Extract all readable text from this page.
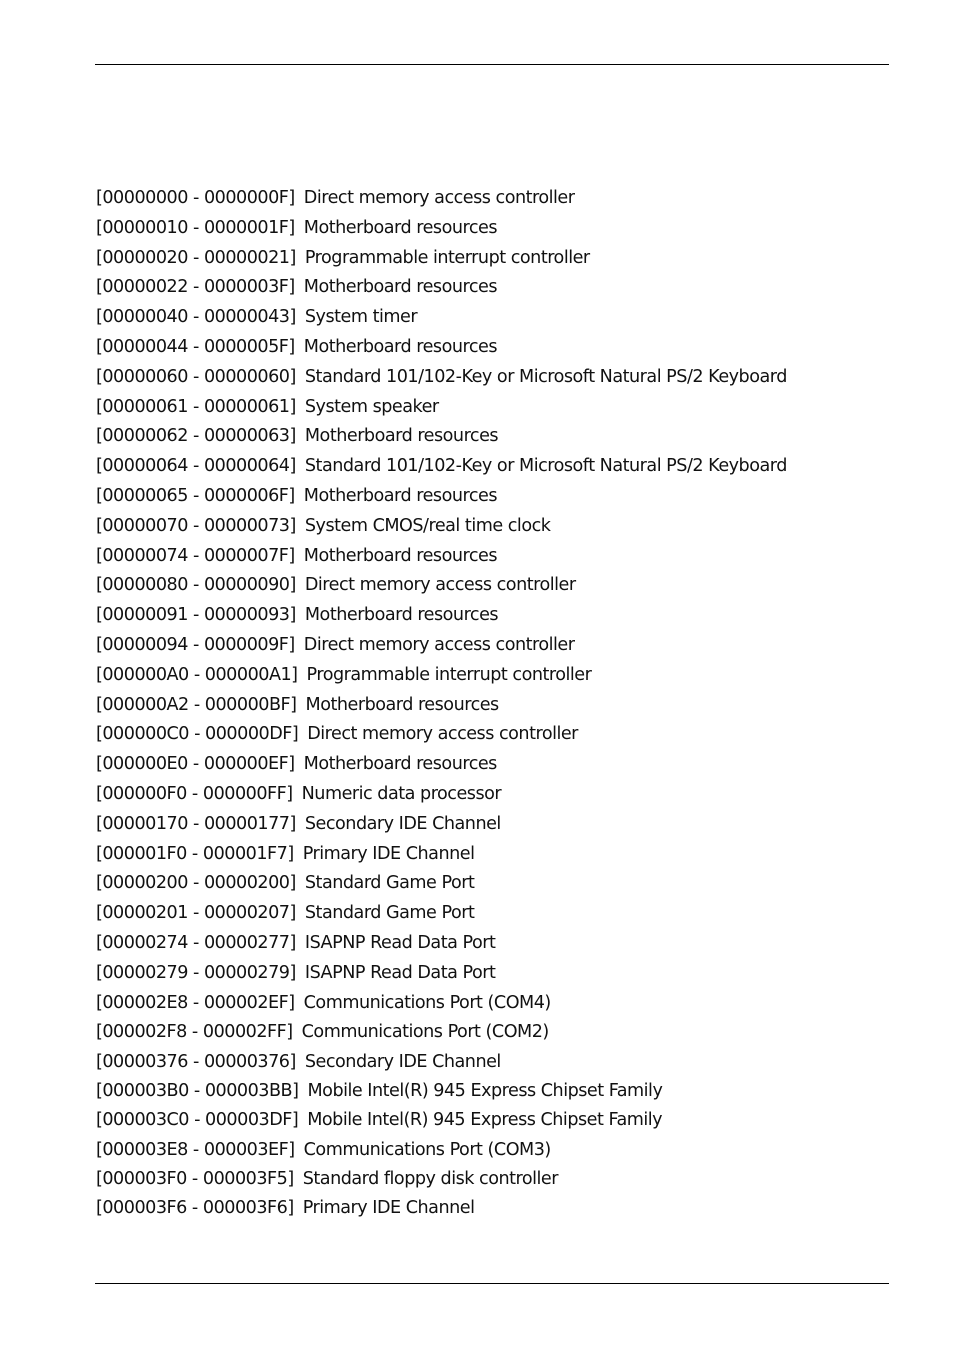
[00000000 - 0000000F] Direct memory access controller
[00000010 - 0000001F] Motherboard resources
[00000020 - 00000021] Programmable interrupt controller
[00000022 - 0000003F] Motherboard resources
[00000040 - 00000043] System timer
[00000044 - 0000005F] Motherboard resources
[00000060 - 00000060] Standard 101/102-Key or Microsoft Natural PS/2 Keyboard
[00000061 - 00000061] System speaker
[00000062 - 00000063] Motherboard resources
[00000064 - 00000064] Standard 101/102-Key or Microsoft Natural PS/2 Keyboard
[00000065 - 0000006F] Motherboard resources
[00000070 - 00000073] System CMOS/real time clock
[00000074 - 0000007F] Motherboard resources
[00000080 - 00000090] Direct memory access controller
[00000091 - 00000093] Motherboard resources
[00000094 - 0000009F] Direct memory access controller
[000000A0 - 000000A1] Programmable interrupt controller
[000000A2 - 000000BF] Motherboard resources
[000000C0 - 000000DF] Direct memory access controller
[000000E0 - 000000EF] Motherboard resources
[000000F0 - 000000FF] Numeric data processor
[00000170 - 00000177] Secondary IDE Channel
[000001F0 - 000001F7] Primary IDE Channel
[00000200 - 00000200] Standard Game Port
[00000201 - 00000207] Standard Game Port
[00000274 - 00000277] ISAPNP Read Data Port
[00000279 - 00000279] ISAPNP Read Data Port
[000002E8 - 000002EF] Communications Port (COM4)
[000002F8 - 000002FF] Communications Port (COM2)
[00000376 - 00000376] Secondary IDE Channel
[000003B0 - 000003BB] Mobile Intel(R) 945 Express Chipset Family
[000003C0 - 000003DF] Mobile Intel(R) 945 Express Chipset Family
[000003E8 - 000003EF] Communications Port (COM3)
[000003F0 - 000003F5] Standard floppy disk controller
[000003F6 - 000003F6] Primary IDE Channel
